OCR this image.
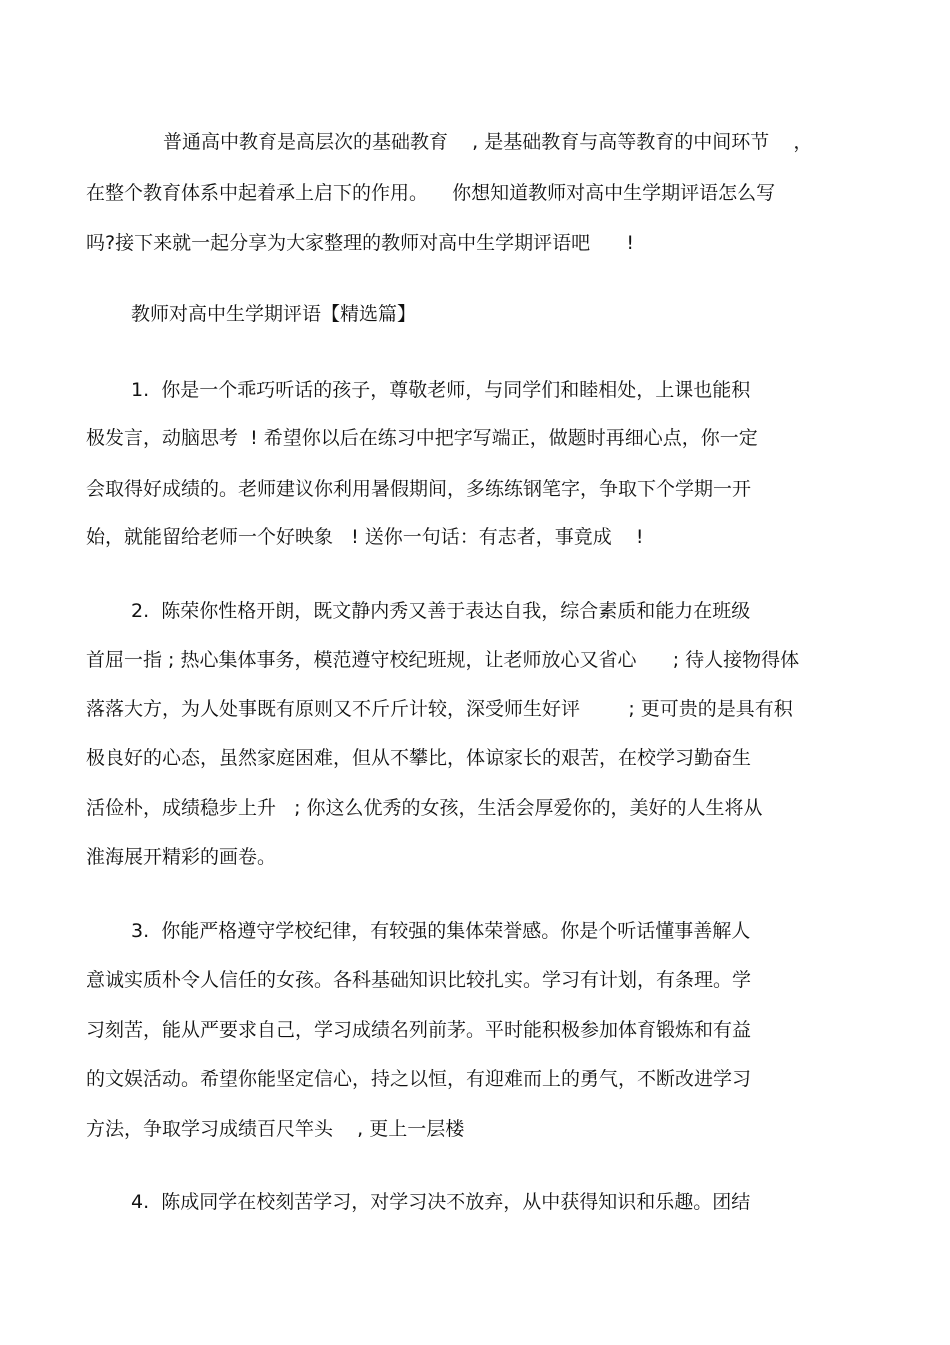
普通高中教育是高层次的基础教育    , 是基础教育与高等教育的中间环节    ，

在整个教育体系中起着承上启下的作用。    你想知道教师对高中生学期评语怎么写

吗?接下来就一起分享为大家整理的教师对高中生学期评语吧      !

教师对高中生学期评语【精选篇】

1.  你是一个乖巧听话的孩子，尊敬老师，与同学们和睦相处，上课也能积

极发言，动脑思考  ! 希望你以后在练习中把字写端正，做题时再细心点，你一定

会取得好成绩的。老师建议你利用暑假期间，多练练钢笔字，争取下个学期一开

始，就能留给老师一个好映象   ! 送你一句话：有志者，事竟成    !

2.  陈荣你性格开朗，既文静内秀又善于表达自我，综合素质和能力在班级

首屈一指 ; 热心集体事务，模范遵守校纪班规，让老师放心又省心      ; 待人接物得体

落落大方，为人处事既有原则又不斤斤计较，深受师生好评        ; 更可贵的是具有积

极良好的心态，虽然家庭困难，但从不攀比，体谅家长的艰苦，在校学习勤奋生

活俭朴，成绩稳步上升   ; 你这么优秀的女孩，生活会厚爱你的，美好的人生将从

淮海展开精彩的画卷。

3.  你能严格遵守学校纪律，有较强的集体荣誉感。你是个听话懂事善解人

意诚实质朴令人信任的女孩。各科基础知识比较扎实。学习有计划，有条理。学

习刻苦，能从严要求自己，学习成绩名列前茅。平时能积极参加体育锻炼和有益

的文娱活动。希望你能坚定信心，持之以恒，有迎难而上的勇气，不断改进学习

方法，争取学习成绩百尺竿头    , 更上一层楼

4.  陈成同学在校刻苦学习，对学习决不放弃，从中获得知识和乐趣。团结
